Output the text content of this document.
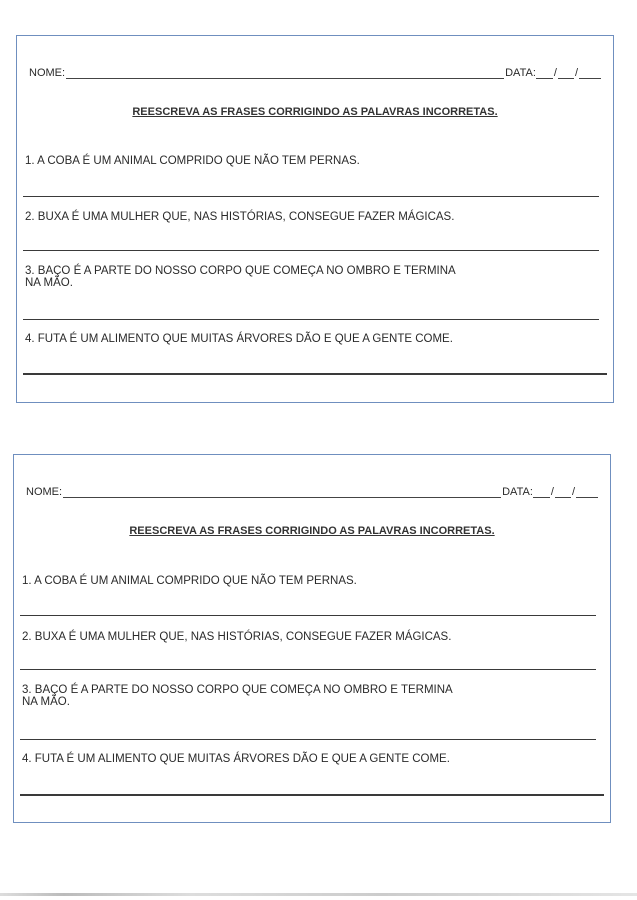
NOME:	DATA: / /
REESCREVA AS FRASES CORRIGINDO AS PALAVRAS INCORRETAS.
1. A COBA É UM ANIMAL COMPRIDO QUE NÃO TEM PERNAS.
2. BUXA É UMA MULHER QUE, NAS HISTÓRIAS, CONSEGUE FAZER MÁGICAS.
3. BAÇO É A PARTE DO NOSSO CORPO QUE COMEÇA NO OMBRO E TERMINA
NA MÃO.
4. FUTA É UM ALIMENTO QUE MUITAS ÁRVORES DÃO E QUE A GENTE COME.
NOME:	DATA: / /
REESCREVA AS FRASES CORRIGINDO AS PALAVRAS INCORRETAS.
1. A COBA É UM ANIMAL COMPRIDO QUE NÃO TEM PERNAS.
2. BUXA É UMA MULHER QUE, NAS HISTÓRIAS, CONSEGUE FAZER MÁGICAS.
3. BAÇO É A PARTE DO NOSSO CORPO QUE COMEÇA NO OMBRO E TERMINA
NA MÃO.
4. FUTA É UM ALIMENTO QUE MUITAS ÁRVORES DÃO E QUE A GENTE COME.
